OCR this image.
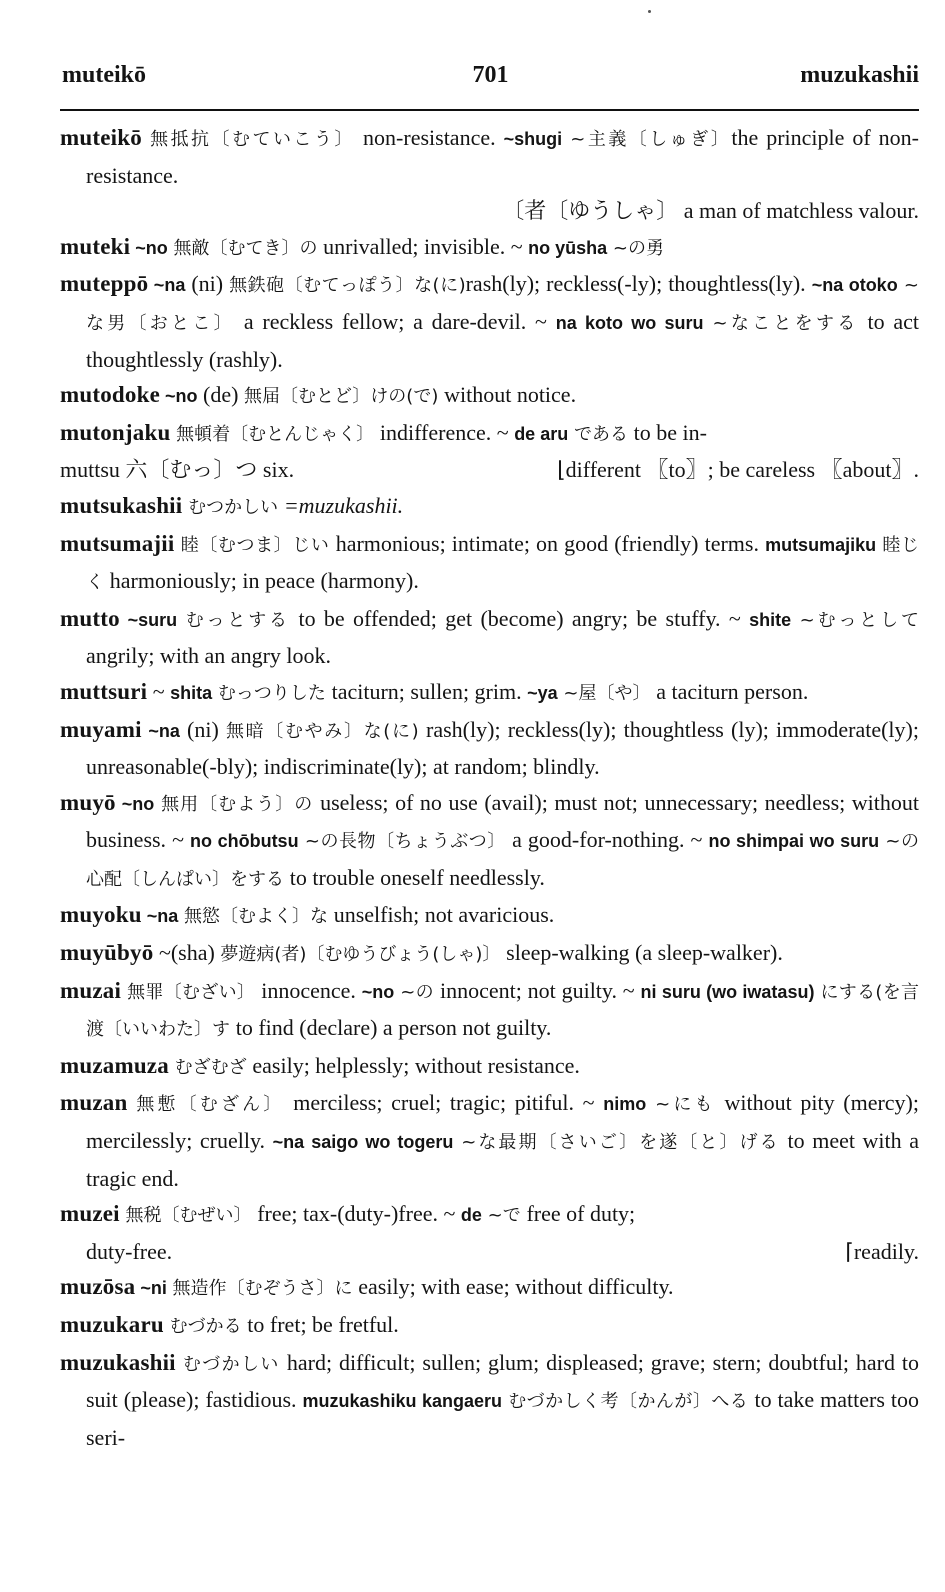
muteikō	701	muzukashii

muteikō 無抵抗〔むていこう〕 non-resistance. ~shugi ~主義〔しゅぎ〕the principle of non-resistance.

〔者〔ゆうしゃ〕 a man of matchless valour.

muteki ~no 無敵〔むてき〕の unrivalled; invisible. ~ no yūsha ~の勇

muteppō ~na (ni) 無鉄砲〔むてっぽう〕な(に)rash(ly); reckless(-ly); thoughtless(ly). ~na otoko ~な男〔おとこ〕 a reckless fellow; a dare-devil. ~ na koto wo suru ~なことをする to act thoughtlessly (rashly).

mutodoke ~no (de) 無届〔むとど〕けの(で) without notice.

mutonjaku 無頓着〔むとんじゃく〕 indifference. ~ de aru である to be in-

muttsu 六〔むっ〕つ six.	⌊different 〖to〗; be careless 〖about〗.

mutsukashii むつかしい =muzukashii.

mutsumajii 睦〔むつま〕じい harmonious; intimate; on good (friendly) terms. mutsumajiku 睦じく harmoniously; in peace (harmony).

mutto ~suru むっとする to be offended; get (become) angry; be stuffy. ~ shite ~むっとして angrily; with an angry look.

muttsuri ~ shita むっつりした taciturn; sullen; grim. ~ya ~屋〔や〕 a taciturn person.

muyami ~na (ni) 無暗〔むやみ〕な(に) rash(ly); reckless(ly); thoughtless (ly); immoderate(ly); unreasonable(-bly); indiscriminate(ly); at random; blindly.

muyō ~no 無用〔むよう〕の useless; of no use (avail); must not; unnecessary; needless; without business. ~ no chōbutsu ~の長物〔ちょうぶつ〕 a good-for-nothing. ~ no shimpai wo suru ~の心配〔しんぱい〕をする to trouble oneself needlessly.

muyoku ~na 無慾〔むよく〕な unselfish; not avaricious.

muyūbyō ~(sha) 夢遊病(者)〔むゆうびょう(しゃ)〕 sleep-walking (a sleep-walker).

muzai 無罪〔むざい〕 innocence. ~no ~の innocent; not guilty. ~ ni suru (wo iwatasu) にする(を言渡〔いいわた〕す to find (declare) a person not guilty.

muzamuza むざむざ easily; helplessly; without resistance.

muzan 無慙〔むざん〕 merciless; cruel; tragic; pitiful. ~ nimo ~にも without pity (mercy); mercilessly; cruelly. ~na saigo wo togeru ~な最期〔さいご〕を遂〔と〕げる to meet with a tragic end.

muzei 無税〔むぜい〕 free; tax-(duty-)free. ~ de ~で free of duty;

duty-free.	⌈readily.

muzōsa ~ni 無造作〔むぞうさ〕に easily; with ease; without difficulty.

muzukaru むづかる to fret; be fretful.

muzukashii むづかしい hard; difficult; sullen; glum; displeased; grave; stern; doubtful; hard to suit (please); fastidious. muzukashiku kangaeru むづかしく考〔かんが〕へる to take matters too seri-
